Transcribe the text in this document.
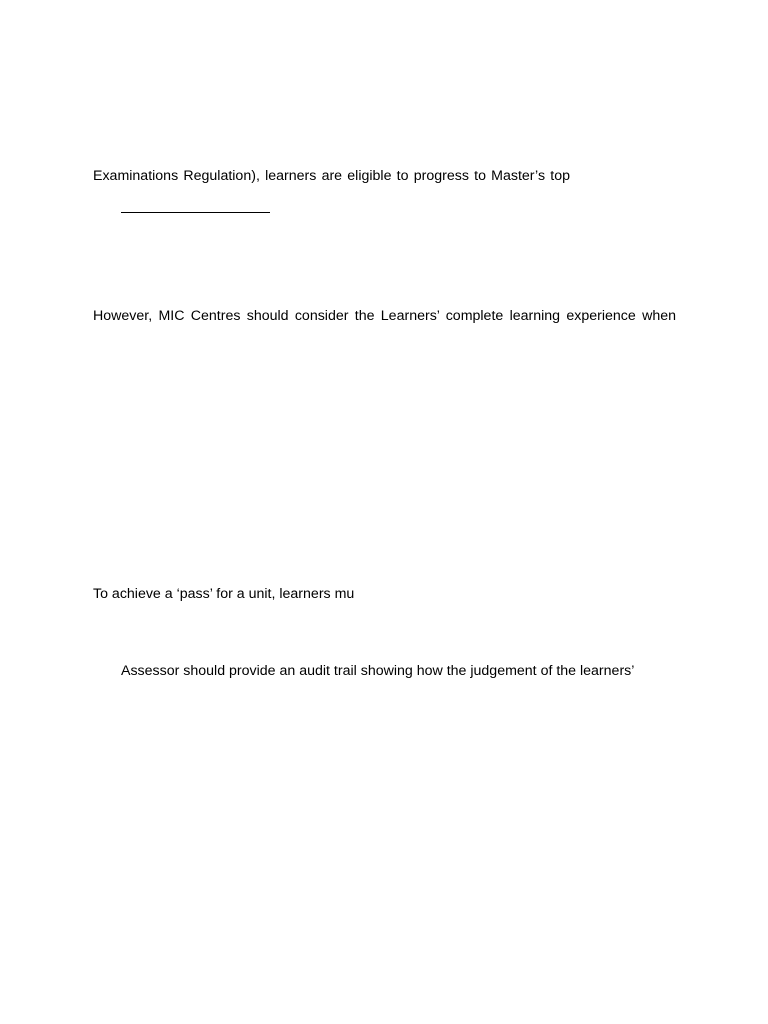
Examinations Regulation), learners are eligible to progress to Master’s top

However, MIC Centres should consider the Learners’ complete learning experience when

To achieve a ‘pass’ for a unit, learners mu

Assessor should provide an audit trail showing how the judgement of the learners’
